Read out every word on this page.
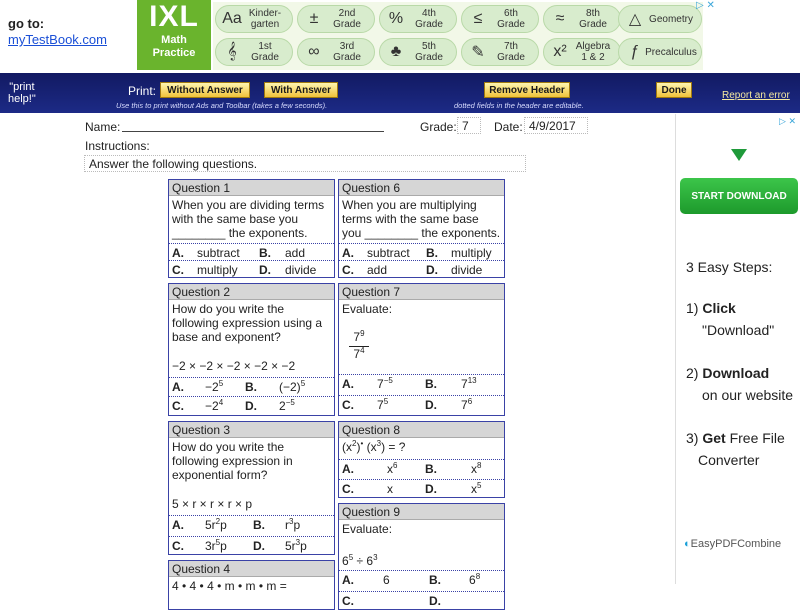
go to:
myTestBook.com
IXL
Math
Practice
Aa Kinder-
garten	±	2nd
Grade	%	4th
Grade	≤	6th
Grade	≈	8th
Grade	△ Geometry
𝄞	1st
Grade	∞	3rd
Grade	♣	5th
Grade	✎	7th
Grade	x² Algebra
1 & 2	ƒ Precalculus
▷ ✕
"print
help!"
Print:	Without Answer	With Answer	Remove Header	Done
Use this to print without Ads and Toolbar (takes a few seconds).	dotted fields in the header are editable.
Report an error
Name:	Grade: 7	Date: 4/9/2017
Instructions:
Answer the following questions.
Question 1
When you are dividing terms with the same base you ________ the exponents.
A. subtract B. add
C. multiply D. divide
Question 6
When you are multiplying terms with the same base you ________ the exponents.
A. subtract B. multiply
C. add	D. divide
Question 2
How do you write the following expression using a base and exponent?
−2 × −2 × −2 × −2 × −2
A. $-2^5$ B. $(-2)^5$
C. $-2^4$ D. $2^{-5}$
Question 7
Evaluate:
$7^9$
$7^4$
A. $7^{-5}$	B. $7^{13}$
C. $7^5$	D. $7^6$
Question 3
How do you write the following expression in exponential form?
5 × r × r × r × p
A. $5r^2p$ B. $r^3p$
C. $3r^5p$ D. $5r^3p$
Question 8
$(x^2)^•$ $(x^3)$ = ?
A.	$x^6$ B.	$x^8$
C.	x	D.	$x^5$
Question 4
4 • 4 • 4 • m • m • m =
Question 9
Evaluate:
$6^5 \div 6^3$
A. 6	B. $6^8$
C.	D.
▷ ✕
START DOWNLOAD
3 Easy Steps:
1) Click
"Download"
2) Download
on our website
3) Get Free File
Converter
◐EasyPDFCombine
